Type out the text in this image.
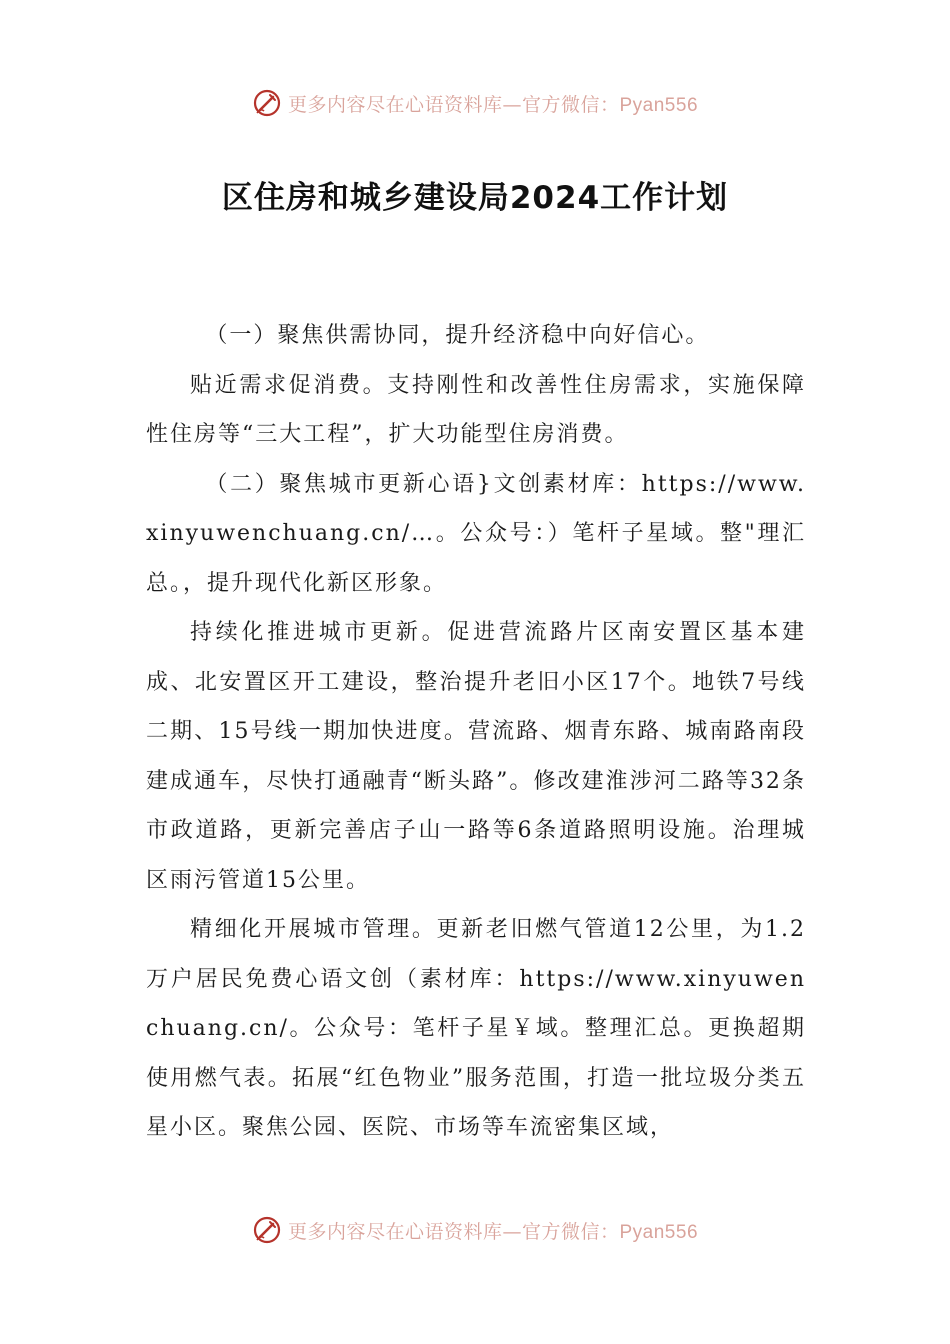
更多内容尽在心语资料库—官方微信：Pyan556
区住房和城乡建设局2024工作计划

（一）聚焦供需协同，提升经济稳中向好信心。

贴近需求促消费。支持刚性和改善性住房需求，实施保障性住房等“三大工程”，扩大功能型住房消费。

（二）聚焦城市更新心语}文创素材库：https://www.xinyuwenchuang.cn/…。公众号：）笔杆子星域。整"理汇总。，提升现代化新区形象。

持续化推进城市更新。促进营流路片区南安置区基本建成、北安置区开工建设，整治提升老旧小区17个。地铁7号线二期、15号线一期加快进度。营流路、烟青东路、城南路南段建成通车，尽快打通融青“断头路”。修改建淮涉河二路等32条市政道路，更新完善店子山一路等6条道路照明设施。治理城区雨污管道15公里。

精细化开展城市管理。更新老旧燃气管道12公里，为1.2万户居民免费心语文创（素材库：https://www.xinyuwenchuang.cn/。公众号：笔杆子星￥域。整理汇总。更换超期使用燃气表。拓展“红色物业”服务范围，打造一批垃圾分类五星小区。聚焦公园、医院、市场等车流密集区域，

更多内容尽在心语资料库—官方微信：Pyan556
